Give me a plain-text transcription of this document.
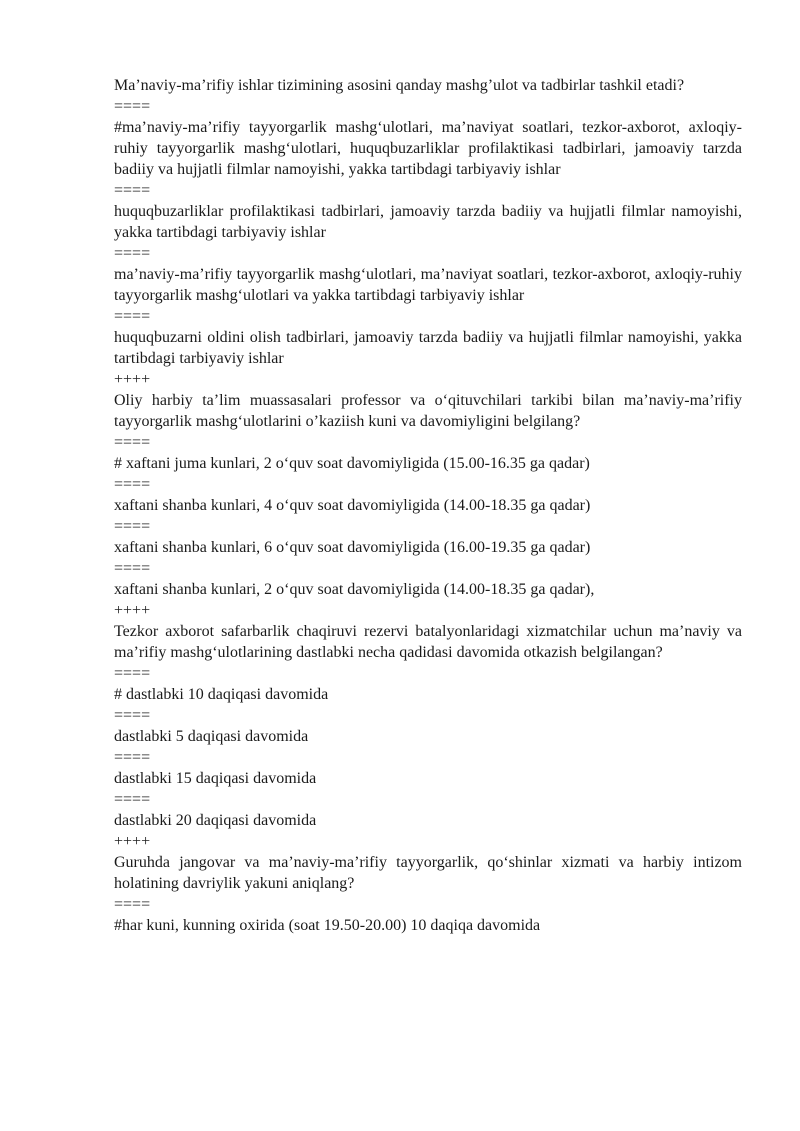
Ma’naviy-ma’rifiy ishlar tizimining asosini qanday mashg’ulot va tadbirlar tashkil etadi?

====

#ma’naviy-ma’rifiy tayyorgarlik mashg‘ulotlari, ma’naviyat soatlari, tezkor-axborot, axloqiy-ruhiy tayyorgarlik mashg‘ulotlari, huquqbuzarliklar profilaktikasi tadbirlari, jamoaviy tarzda badiiy va hujjatli filmlar namoyishi, yakka tartibdagi tarbiyaviy ishlar

====

huquqbuzarliklar profilaktikasi tadbirlari, jamoaviy tarzda badiiy va hujjatli filmlar namoyishi, yakka tartibdagi tarbiyaviy ishlar

====

ma’naviy-ma’rifiy tayyorgarlik mashg‘ulotlari, ma’naviyat soatlari, tezkor-axborot, axloqiy-ruhiy tayyorgarlik mashg‘ulotlari va yakka tartibdagi tarbiyaviy ishlar

====

huquqbuzarni oldini olish tadbirlari, jamoaviy tarzda badiiy va hujjatli filmlar namoyishi, yakka tartibdagi tarbiyaviy ishlar

++++

Oliy harbiy ta’lim muassasalari professor va o‘qituvchilari tarkibi bilan ma’naviy-ma’rifiy tayyorgarlik mashg‘ulotlarini o’kaziish kuni va davomiyligini belgilang?

====

# xaftani juma kunlari, 2 o‘quv soat davomiyligida (15.00-16.35 ga qadar)

====

xaftani shanba kunlari, 4 o‘quv soat davomiyligida (14.00-18.35 ga qadar)

====

xaftani shanba kunlari, 6 o‘quv soat davomiyligida (16.00-19.35 ga qadar)

====

xaftani shanba kunlari, 2 o‘quv soat davomiyligida (14.00-18.35 ga qadar),

++++

Tezkor axborot safarbarlik chaqiruvi rezervi batalyonlaridagi xizmatchilar uchun ma’naviy va ma’rifiy mashg‘ulotlarining dastlabki necha qadidasi davomida otkazish belgilangan?

====

# dastlabki 10 daqiqasi davomida

====

dastlabki 5 daqiqasi davomida

====

dastlabki 15 daqiqasi davomida

====

dastlabki 20 daqiqasi davomida

++++

Guruhda jangovar va ma’naviy-ma’rifiy tayyorgarlik, qo‘shinlar xizmati va harbiy intizom holatining davriylik yakuni aniqlang?

====

#har kuni, kunning oxirida (soat 19.50-20.00) 10 daqiqa davomida
